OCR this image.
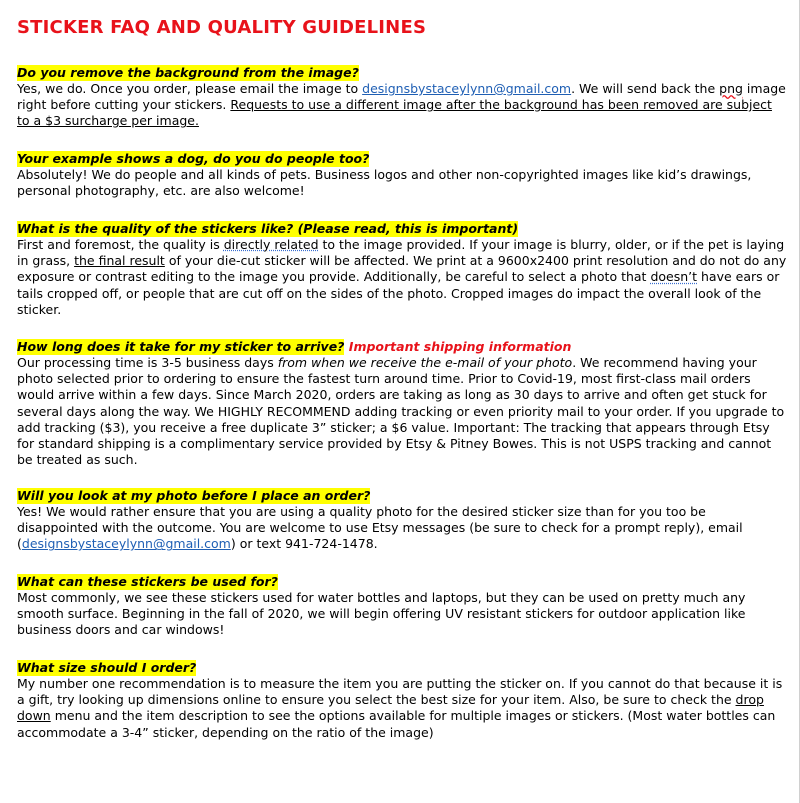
STICKER FAQ AND QUALITY GUIDELINES
Do you remove the background from the image?

Yes, we do. Once you order, please email the image to designsbystaceylynn@gmail.com. We will send back the png image right before cutting your stickers. Requests to use a different image after the background has been removed are subject to a $3 surcharge per image.

Your example shows a dog, do you do people too?

Absolutely! We do people and all kinds of pets. Business logos and other non-copyrighted images like kid’s drawings, personal photography, etc. are also welcome!

What is the quality of the stickers like? (Please read, this is important)

First and foremost, the quality is directly related to the image provided. If your image is blurry, older, or if the pet is laying in grass, the final result of your die-cut sticker will be affected. We print at a 9600x2400 print resolution and do not do any exposure or contrast editing to the image you provide. Additionally, be careful to select a photo that doesn’t have ears or tails cropped off, or people that are cut off on the sides of the photo. Cropped images do impact the overall look of the sticker.

How long does it take for my sticker to arrive? Important shipping information

Our processing time is 3-5 business days from when we receive the e-mail of your photo. We recommend having your photo selected prior to ordering to ensure the fastest turn around time. Prior to Covid-19, most first-class mail orders would arrive within a few days. Since March 2020, orders are taking as long as 30 days to arrive and often get stuck for several days along the way. We HIGHLY RECOMMEND adding tracking or even priority mail to your order. If you upgrade to add tracking ($3), you receive a free duplicate 3” sticker; a $6 value. Important: The tracking that appears through Etsy for standard shipping is a complimentary service provided by Etsy & Pitney Bowes. This is not USPS tracking and cannot be treated as such.

Will you look at my photo before I place an order?

Yes! We would rather ensure that you are using a quality photo for the desired sticker size than for you too be disappointed with the outcome. You are welcome to use Etsy messages (be sure to check for a prompt reply), email (designsbystaceylynn@gmail.com) or text 941-724-1478.

What can these stickers be used for?

Most commonly, we see these stickers used for water bottles and laptops, but they can be used on pretty much any smooth surface. Beginning in the fall of 2020, we will begin offering UV resistant stickers for outdoor application like business doors and car windows!

What size should I order?

My number one recommendation is to measure the item you are putting the sticker on. If you cannot do that because it is a gift, try looking up dimensions online to ensure you select the best size for your item. Also, be sure to check the drop down menu and the item description to see the options available for multiple images or stickers. (Most water bottles can accommodate a 3-4” sticker, depending on the ratio of the image)
